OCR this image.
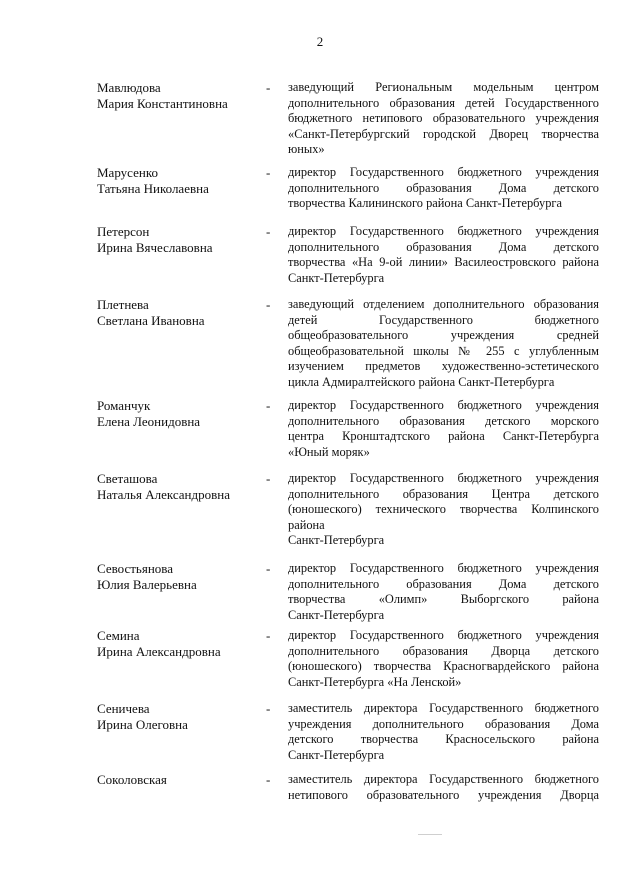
2
Мавлюдова
Мария Константиновна
- заведующий Региональным модельным центром
дополнительного образования детей Государственного
бюджетного нетипового образовательного учреждения
«Санкт-Петербургский городской Дворец творчества
юных»
Марусенко
Татьяна Николаевна
- директор Государственного бюджетного учреждения
дополнительного образования Дома детского
творчества Калининского района Санкт-Петербурга
Петерсон
Ирина Вячеславовна
- директор Государственного бюджетного учреждения
дополнительного образования Дома детского
творчества «На 9-ой линии» Василеостровского района
Санкт-Петербурга
Плетнева
Светлана Ивановна
- заведующий отделением дополнительного образования
детей Государственного бюджетного
общеобразовательного учреждения средней
общеобразовательной школы № 255 с углубленным
изучением предметов художественно-эстетического
цикла Адмиралтейского района Санкт-Петербурга
Романчук
Елена Леонидовна
- директор Государственного бюджетного учреждения
дополнительного образования детского морского
центра Кронштадтского района Санкт-Петербурга
«Юный моряк»
Светашова
Наталья Александровна
- директор Государственного бюджетного учреждения
дополнительного образования Центра детского
(юношеского) технического творчества Колпинского
района
Санкт-Петербурга
Севостьянова
Юлия Валерьевна
- директор Государственного бюджетного учреждения
дополнительного образования Дома детского
творчества «Олимп» Выборгского района
Санкт-Петербурга
Семина
Ирина Александровна
- директор Государственного бюджетного учреждения
дополнительного образования Дворца детского
(юношеского) творчества Красногвардейского района
Санкт-Петербурга «На Ленской»
Сеничева
Ирина Олеговна
- заместитель директора Государственного бюджетного
учреждения дополнительного образования Дома
детского творчества Красносельского района
Санкт-Петербурга
Соколовская	- заместитель директора Государственного бюджетного
нетипового образовательного учреждения Дворца
